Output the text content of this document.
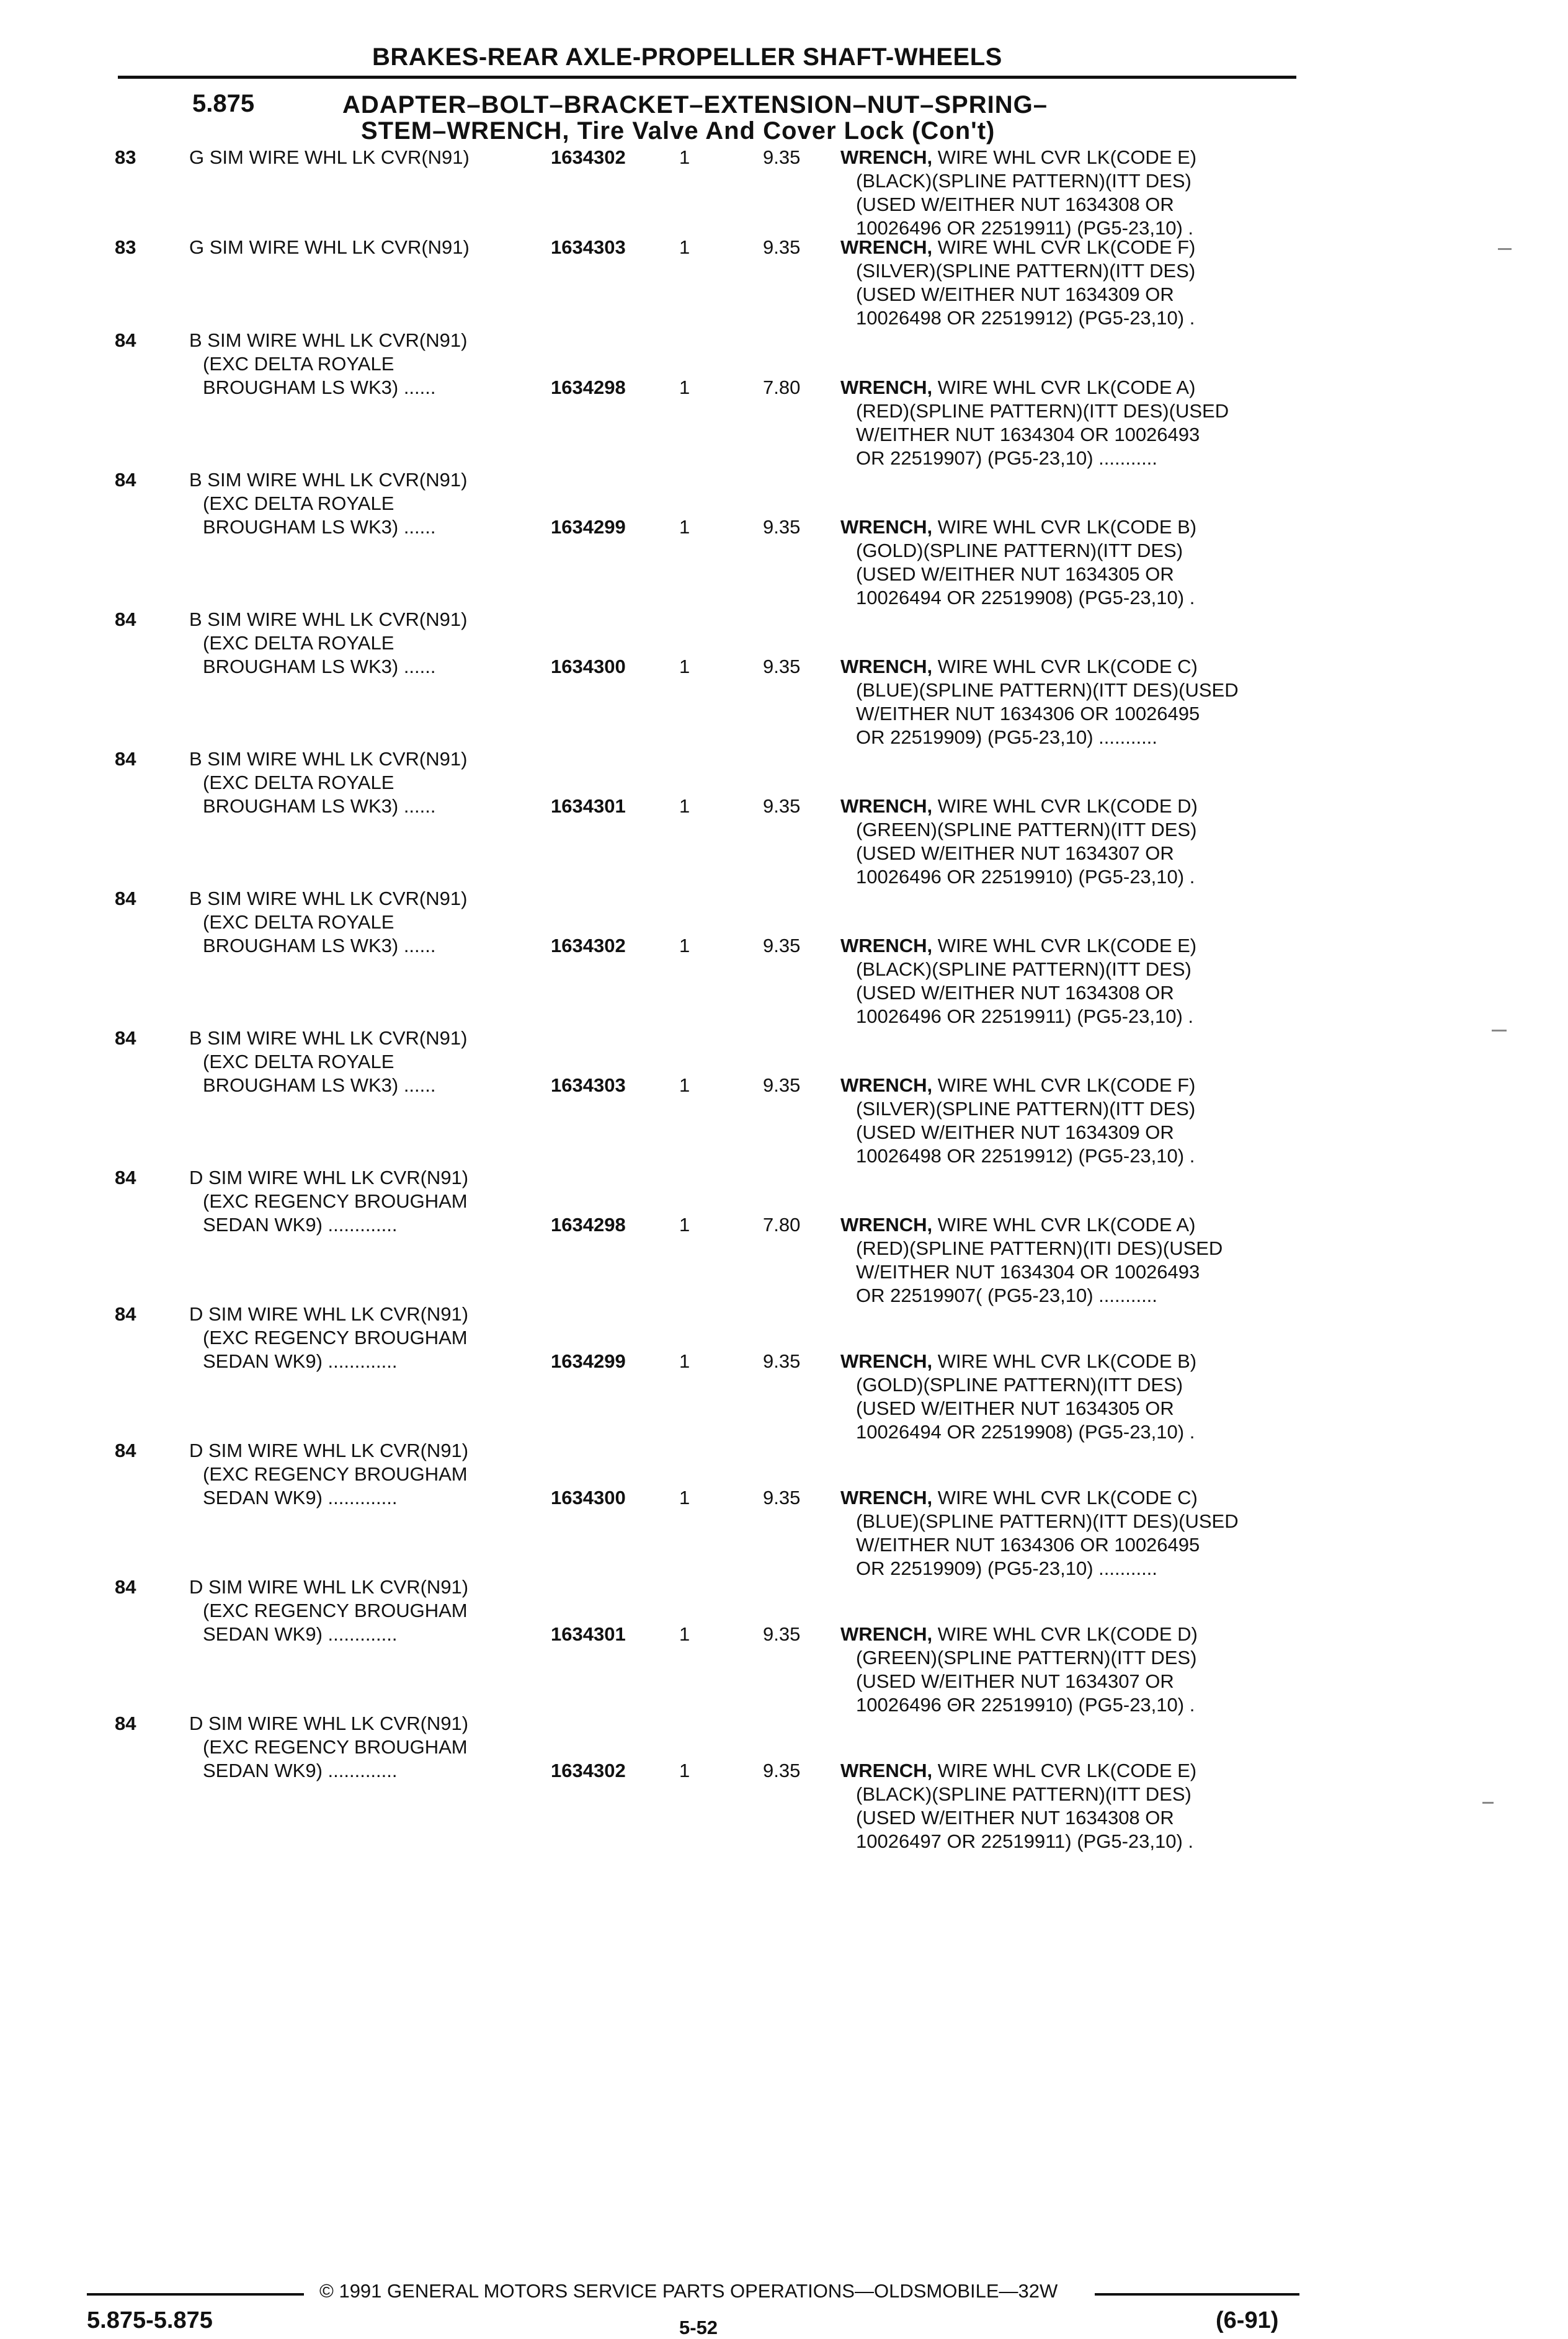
BRAKES-REAR AXLE-PROPELLER SHAFT-WHEELS
5.875	ADAPTER–BOLT–BRACKET–EXTENSION–NUT–SPRING–
STEM–WRENCH, Tire Valve And Cover Lock (Con't)
83	G SIM WIRE WHL LK CVR(N91)	1634302	1	9.35 WRENCH, WIRE WHL CVR LK(CODE E)
(BLACK)(SPLINE PATTERN)(ITT DES)
(USED W/EITHER NUT 1634308 OR
10026496 OR 22519911) (PG5-23,10) .
83	G SIM WIRE WHL LK CVR(N91)	1634303	1	9.35 WRENCH, WIRE WHL CVR LK(CODE F)
(SILVER)(SPLINE PATTERN)(ITT DES)
(USED W/EITHER NUT 1634309 OR
10026498 OR 22519912) (PG5-23,10) .
84	B SIM WIRE WHL LK CVR(N91)
(EXC DELTA ROYALE
BROUGHAM LS WK3) ......	1634298	1	7.80 WRENCH, WIRE WHL CVR LK(CODE A)
(RED)(SPLINE PATTERN)(ITT DES)(USED
W/EITHER NUT 1634304 OR 10026493
OR 22519907) (PG5-23,10) ...........
84	B SIM WIRE WHL LK CVR(N91)
(EXC DELTA ROYALE
BROUGHAM LS WK3) ......	1634299	1	9.35 WRENCH, WIRE WHL CVR LK(CODE B)
(GOLD)(SPLINE PATTERN)(ITT DES)
(USED W/EITHER NUT 1634305 OR
10026494 OR 22519908) (PG5-23,10) .
84	B SIM WIRE WHL LK CVR(N91)
(EXC DELTA ROYALE
BROUGHAM LS WK3) ......	1634300	1	9.35 WRENCH, WIRE WHL CVR LK(CODE C)
(BLUE)(SPLINE PATTERN)(ITT DES)(USED
W/EITHER NUT 1634306 OR 10026495
OR 22519909) (PG5-23,10) ...........
84	B SIM WIRE WHL LK CVR(N91)
(EXC DELTA ROYALE
BROUGHAM LS WK3) ......	1634301	1	9.35 WRENCH, WIRE WHL CVR LK(CODE D)
(GREEN)(SPLINE PATTERN)(ITT DES)
(USED W/EITHER NUT 1634307 OR
10026496 OR 22519910) (PG5-23,10) .
84	B SIM WIRE WHL LK CVR(N91)
(EXC DELTA ROYALE
BROUGHAM LS WK3) ......	1634302	1	9.35 WRENCH, WIRE WHL CVR LK(CODE E)
(BLACK)(SPLINE PATTERN)(ITT DES)
(USED W/EITHER NUT 1634308 OR
10026496 OR 22519911) (PG5-23,10) .
84	B SIM WIRE WHL LK CVR(N91)
(EXC DELTA ROYALE
BROUGHAM LS WK3) ......	1634303	1	9.35 WRENCH, WIRE WHL CVR LK(CODE F)
(SILVER)(SPLINE PATTERN)(ITT DES)
(USED W/EITHER NUT 1634309 OR
10026498 OR 22519912) (PG5-23,10) .
84	D SIM WIRE WHL LK CVR(N91)
(EXC REGENCY BROUGHAM
SEDAN WK9) .............	1634298	1	7.80 WRENCH, WIRE WHL CVR LK(CODE A)
(RED)(SPLINE PATTERN)(ITI DES)(USED
W/EITHER NUT 1634304 OR 10026493
OR 22519907( (PG5-23,10) ...........
84	D SIM WIRE WHL LK CVR(N91)
(EXC REGENCY BROUGHAM
SEDAN WK9) .............	1634299	1	9.35 WRENCH, WIRE WHL CVR LK(CODE B)
(GOLD)(SPLINE PATTERN)(ITT DES)
(USED W/EITHER NUT 1634305 OR
10026494 OR 22519908) (PG5-23,10) .
84	D SIM WIRE WHL LK CVR(N91)
(EXC REGENCY BROUGHAM
SEDAN WK9) .............	1634300	1	9.35 WRENCH, WIRE WHL CVR LK(CODE C)
(BLUE)(SPLINE PATTERN)(ITT DES)(USED
W/EITHER NUT 1634306 OR 10026495
OR 22519909) (PG5-23,10) ...........
84	D SIM WIRE WHL LK CVR(N91)
(EXC REGENCY BROUGHAM
SEDAN WK9) .............	1634301	1	9.35 WRENCH, WIRE WHL CVR LK(CODE D)
(GREEN)(SPLINE PATTERN)(ITT DES)
(USED W/EITHER NUT 1634307 OR
10026496 ΘR 22519910) (PG5-23,10) .
84	D SIM WIRE WHL LK CVR(N91)
(EXC REGENCY BROUGHAM
SEDAN WK9) .............	1634302	1	9.35 WRENCH, WIRE WHL CVR LK(CODE E)
(BLACK)(SPLINE PATTERN)(ITT DES)
(USED W/EITHER NUT 1634308 OR
10026497 OR 22519911) (PG5-23,10) .
© 1991 GENERAL MOTORS SERVICE PARTS OPERATIONS—OLDSMOBILE—32W
5.875-5.875	5-52	(6-91)
